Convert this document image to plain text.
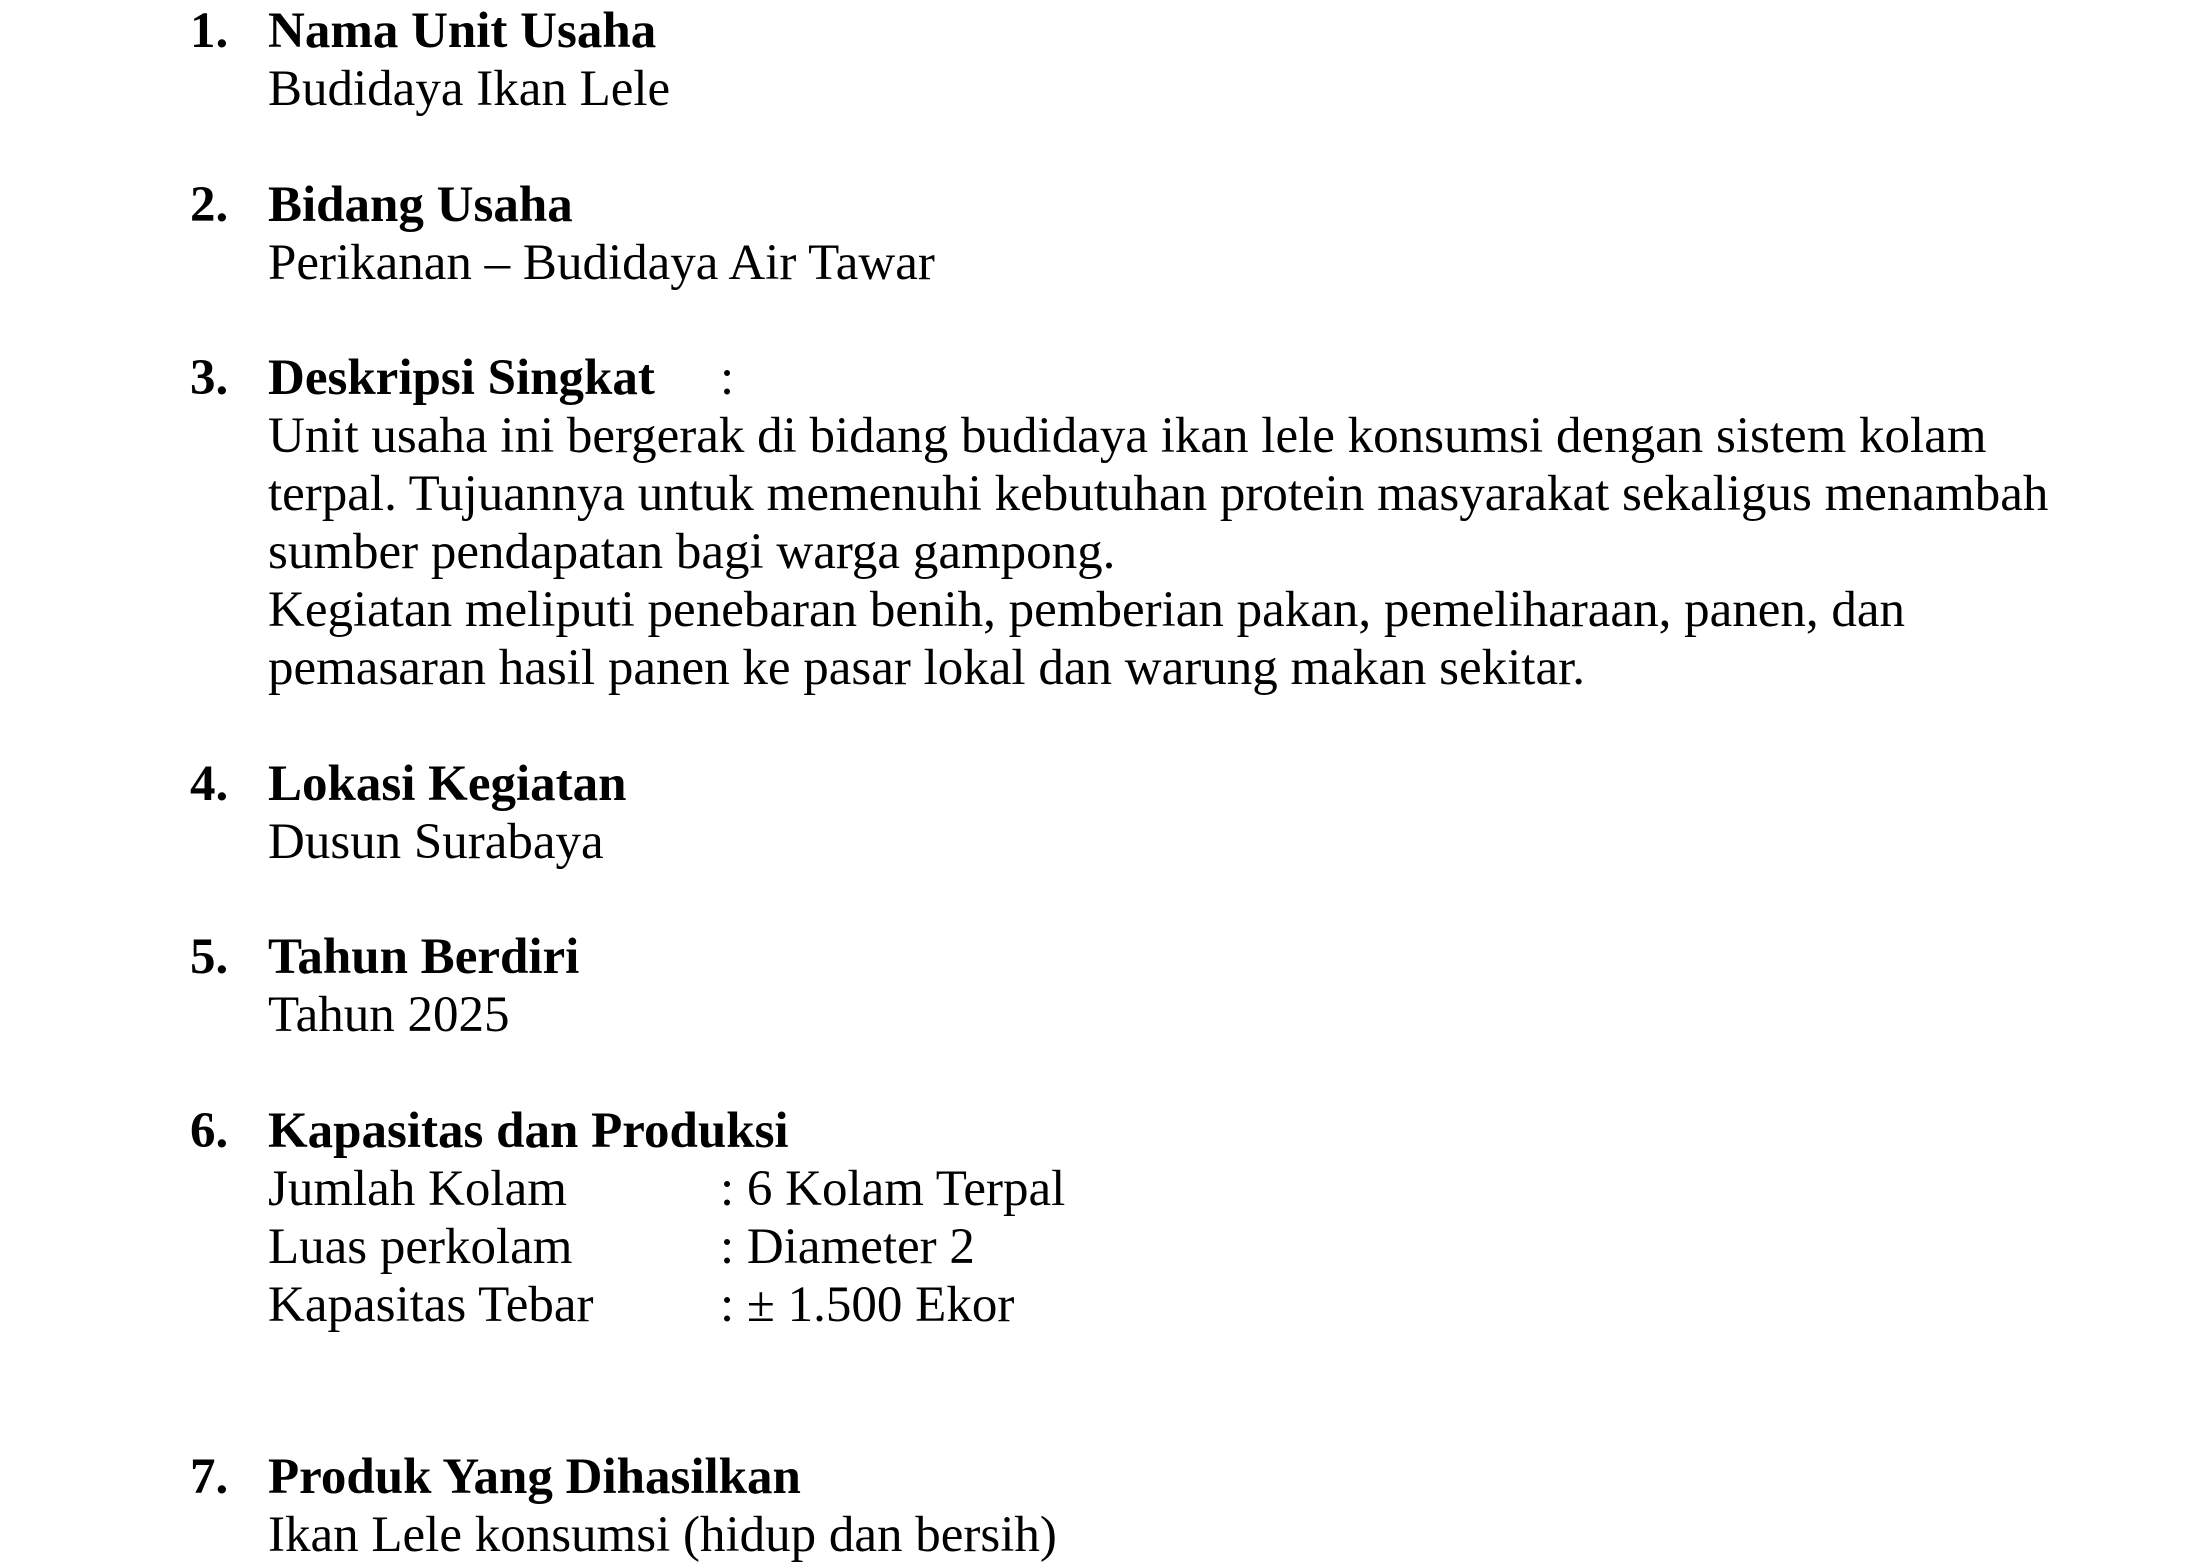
1. Nama Unit Usaha
Budidaya Ikan Lele
2. Bidang Usaha
Perikanan – Budidaya Air Tawar
3. Deskripsi Singkat :
Unit usaha ini bergerak di bidang budidaya ikan lele konsumsi dengan sistem kolam
terpal. Tujuannya untuk memenuhi kebutuhan protein masyarakat sekaligus menambah
sumber pendapatan bagi warga gampong.
Kegiatan meliputi penebaran benih, pemberian pakan, pemeliharaan, panen, dan
pemasaran hasil panen ke pasar lokal dan warung makan sekitar.
4. Lokasi Kegiatan
Dusun Surabaya
5. Tahun Berdiri
Tahun 2025
6. Kapasitas dan Produksi
Jumlah Kolam	: 6 Kolam Terpal
Luas perkolam	: Diameter 2
Kapasitas Tebar : ± 1.500 Ekor
7. Produk Yang Dihasilkan
Ikan Lele konsumsi (hidup dan bersih)
